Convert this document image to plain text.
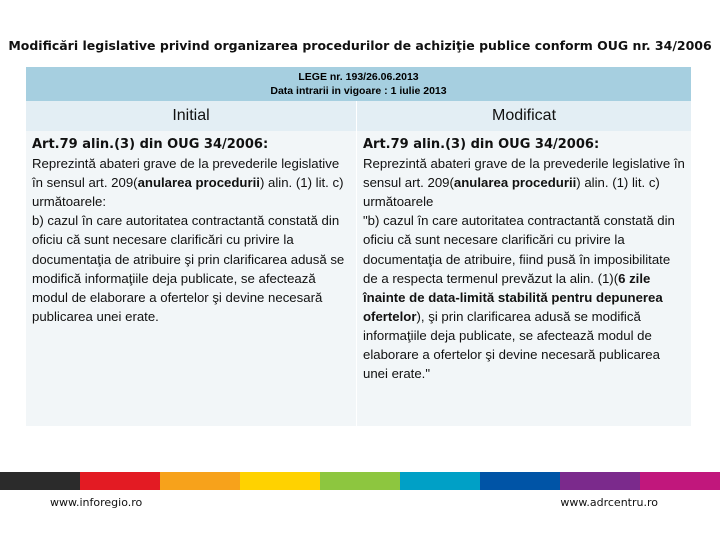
Modificări legislative privind organizarea procedurilor de achiziţie publice conform OUG nr. 34/2006
LEGE nr. 193/26.06.2013
Data intrarii in vigoare : 1 iulie 2013
Initial	Modificat
Art.79 alin.(3) din OUG 34/2006:
Reprezintă abateri grave de la prevederile legislative în sensul art. 209(anularea procedurii) alin. (1) lit. c) următoarele:
b) cazul în care autoritatea contractantă constată din oficiu că sunt necesare clarificări cu privire la documentaţia de atribuire şi prin clarificarea adusă se modifică informaţiile deja publicate, se afectează modul de elaborare a ofertelor şi devine necesară publicarea unei erate.
Art.79 alin.(3) din OUG 34/2006:
Reprezintă abateri grave de la prevederile legislative în sensul art. 209(anularea procedurii) alin. (1) lit. c) următoarele
"b) cazul în care autoritatea contractantă constată din oficiu că sunt necesare clarificări cu privire la documentaţia de atribuire, fiind pusă în imposibilitate de a respecta termenul prevăzut la alin. (1)(6 zile înainte de data-limită stabilită pentru depunerea ofertelor), şi prin clarificarea adusă se modifică informaţiile deja publicate, se afectează modul de elaborare a ofertelor şi devine necesară publicarea unei erate."
www.inforegio.ro	www.adrcentru.ro
